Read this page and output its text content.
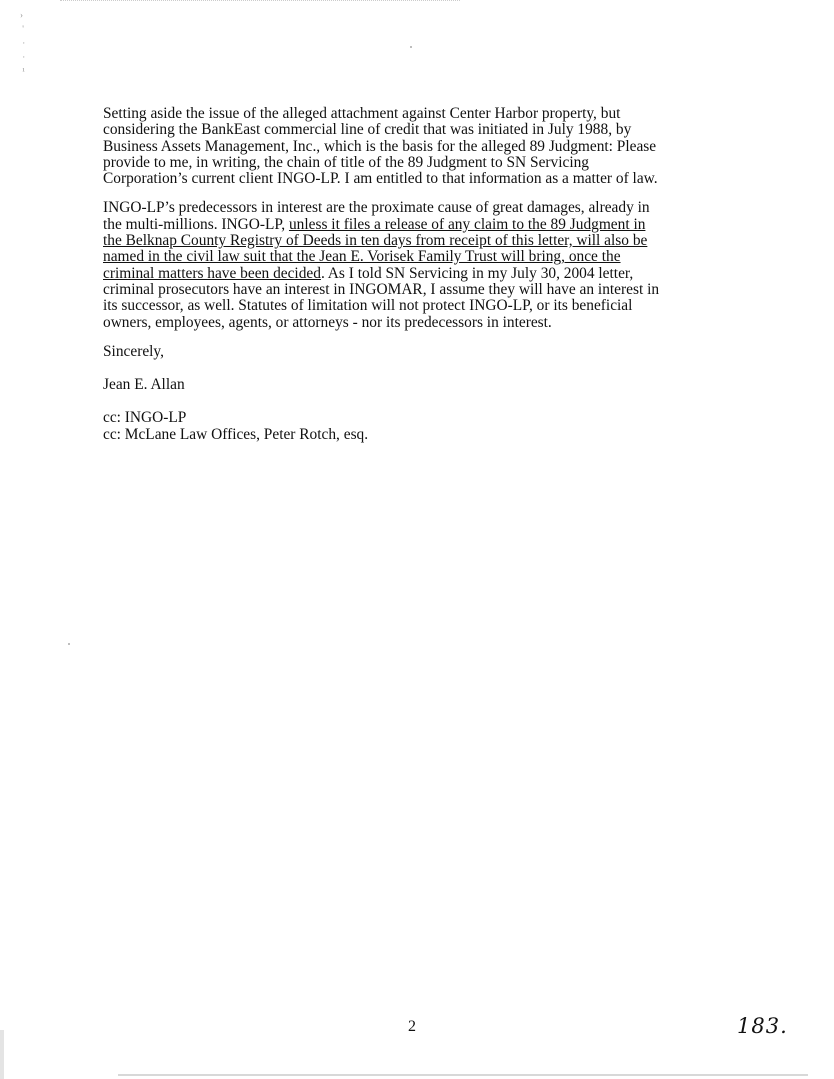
›
'
·
·
¹

Setting aside the issue of the alleged attachment against Center Harbor property, but
considering the BankEast commercial line of credit that was initiated in July 1988, by
Business Assets Management, Inc., which is the basis for the alleged 89 Judgment: Please
provide to me, in writing, the chain of title of the 89 Judgment to SN Servicing
Corporation’s current client INGO-LP. I am entitled to that information as a matter of law.

INGO-LP’s predecessors in interest are the proximate cause of great damages, already in
the multi-millions. INGO-LP, unless it files a release of any claim to the 89 Judgment in
the Belknap County Registry of Deeds in ten days from receipt of this letter, will also be
named in the civil law suit that the Jean E. Vorisek Family Trust will bring, once the
criminal matters have been decided. As I told SN Servicing in my July 30, 2004 letter,
criminal prosecutors have an interest in INGOMAR, I assume they will have an interest in
its successor, as well. Statutes of limitation will not protect INGO-LP, or its beneficial
owners, employees, agents, or attorneys - nor its predecessors in interest.

Sincerely,

Jean E. Allan

cc: INGO-LP
cc: McLane Law Offices, Peter Rotch, esq.

2	183.
